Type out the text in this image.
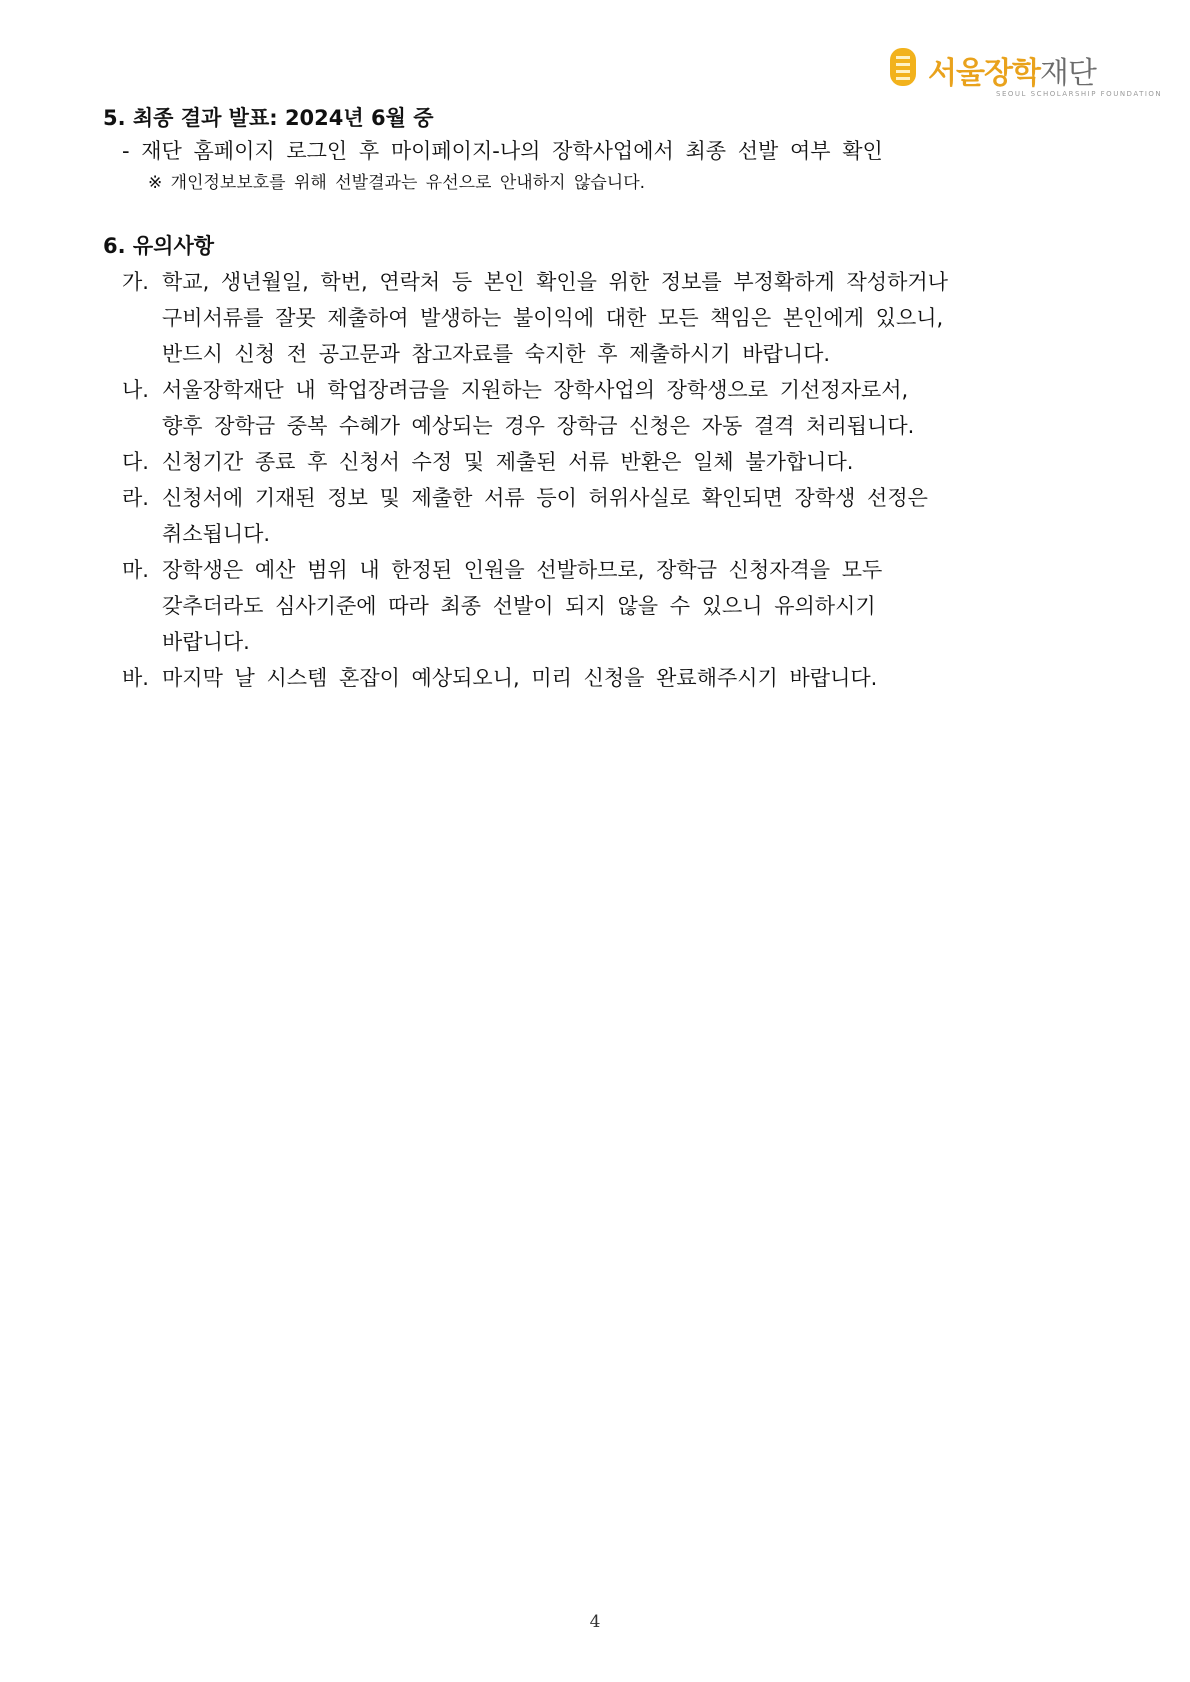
서울장학재단
SEOUL SCHOLARSHIP FOUNDATION
5. 최종 결과 발표: 2024년 6월 중
- 재단 홈페이지 로그인 후 마이페이지-나의 장학사업에서 최종 선발 여부 확인
※ 개인정보보호를 위해 선발결과는 유선으로 안내하지 않습니다.
6. 유의사항
가. 학교, 생년월일, 학번, 연락처 등 본인 확인을 위한 정보를 부정확하게 작성하거나
구비서류를 잘못 제출하여 발생하는 불이익에 대한 모든 책임은 본인에게 있으니,
반드시 신청 전 공고문과 참고자료를 숙지한 후 제출하시기 바랍니다.
나. 서울장학재단 내 학업장려금을 지원하는 장학사업의 장학생으로 기선정자로서,
향후 장학금 중복 수혜가 예상되는 경우 장학금 신청은 자동 결격 처리됩니다.
다. 신청기간 종료 후 신청서 수정 및 제출된 서류 반환은 일체 불가합니다.
라. 신청서에 기재된 정보 및 제출한 서류 등이 허위사실로 확인되면 장학생 선정은
취소됩니다.
마. 장학생은 예산 범위 내 한정된 인원을 선발하므로, 장학금 신청자격을 모두
갖추더라도 심사기준에 따라 최종 선발이 되지 않을 수 있으니 유의하시기
바랍니다.
바. 마지막 날 시스템 혼잡이 예상되오니, 미리 신청을 완료해주시기 바랍니다.
4
